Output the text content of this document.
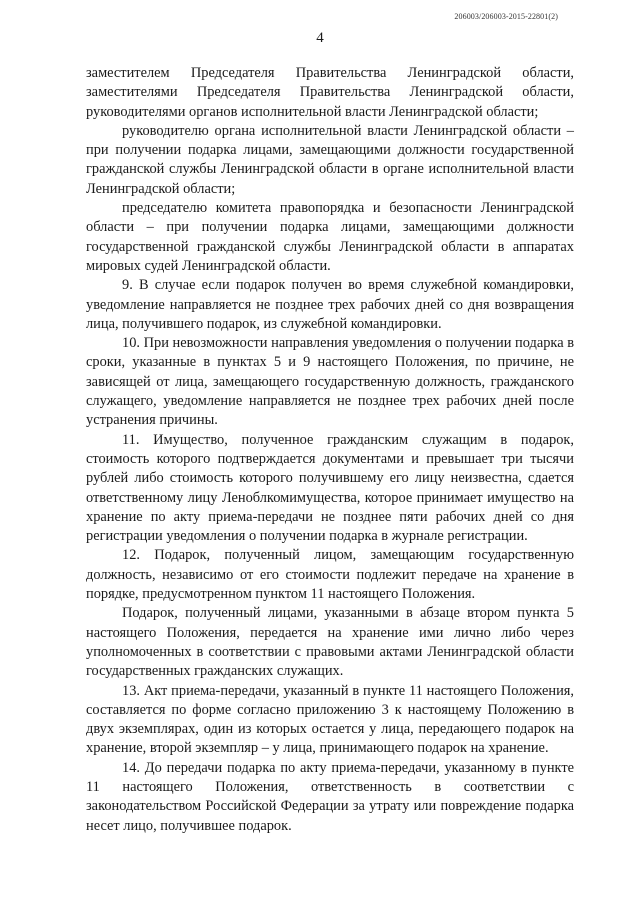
206003/206003-2015-22801(2)
4

заместителем Председателя Правительства Ленинградской области, заместителями Председателя Правительства Ленинградской области, руководителями органов исполнительной власти Ленинградской области;

руководителю органа исполнительной власти Ленинградской области – при получении подарка лицами, замещающими должности государственной гражданской службы Ленинградской области в органе исполнительной власти Ленинградской области;

председателю комитета правопорядка и безопасности Ленинградской области – при получении подарка лицами, замещающими должности государственной гражданской службы Ленинградской области в аппаратах мировых судей Ленинградской области.

9. В случае если подарок получен во время служебной командировки, уведомление направляется не позднее трех рабочих дней со дня возвращения лица, получившего подарок, из служебной командировки.

10. При невозможности направления уведомления о получении подарка в сроки, указанные в пунктах 5 и 9 настоящего Положения, по причине, не зависящей от лица, замещающего государственную должность, гражданского служащего, уведомление направляется не позднее трех рабочих дней после устранения причины.

11. Имущество, полученное гражданским служащим в подарок, стоимость которого подтверждается документами и превышает три тысячи рублей либо стоимость которого получившему его лицу неизвестна, сдается ответственному лицу Леноблкомимущества, которое принимает имущество на хранение по акту приема-передачи не позднее пяти рабочих дней со дня регистрации уведомления о получении подарка в журнале регистрации.

12. Подарок, полученный лицом, замещающим государственную должность, независимо от его стоимости подлежит передаче на хранение в порядке, предусмотренном пунктом 11 настоящего Положения.

Подарок, полученный лицами, указанными в абзаце втором пункта 5 настоящего Положения, передается на хранение ими лично либо через уполномоченных в соответствии с правовыми актами Ленинградской области государственных гражданских служащих.

13. Акт приема-передачи, указанный в пункте 11 настоящего Положения, составляется по форме согласно приложению 3 к настоящему Положению в двух экземплярах, один из которых остается у лица, передающего подарок на хранение, второй экземпляр – у лица, принимающего подарок на хранение.

14. До передачи подарка по акту приема-передачи, указанному в пункте 11 настоящего Положения, ответственность в соответствии с законодательством Российской Федерации за утрату или повреждение подарка несет лицо, получившее подарок.
